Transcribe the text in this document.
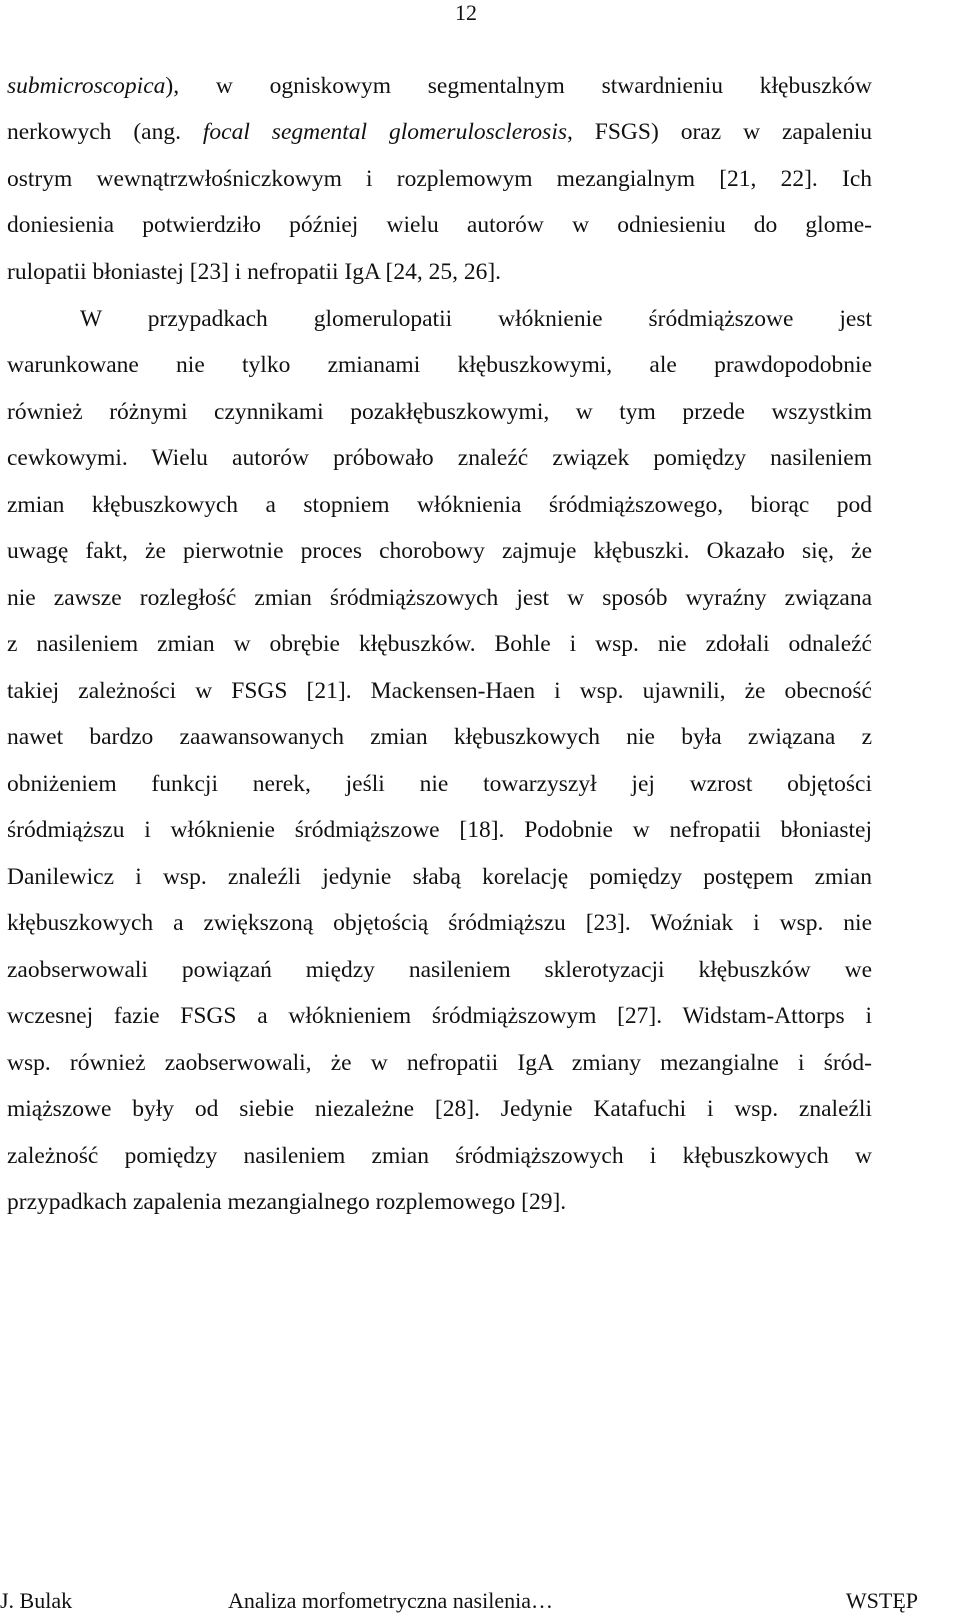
12
submicroscopica), w ogniskowym segmentalnym stwardnieniu kłębuszków
nerkowych (ang. focal segmental glomerulosclerosis, FSGS) oraz w zapaleniu
ostrym wewnątrzwłośniczkowym i rozplemowym mezangialnym [21, 22]. Ich
doniesienia potwierdziło później wielu autorów w odniesieniu do glome-
rulopatii błoniastej [23] i nefropatii IgA [24, 25, 26].
W przypadkach glomerulopatii włóknienie śródmiąższowe jest
warunkowane nie tylko zmianami kłębuszkowymi, ale prawdopodobnie
również różnymi czynnikami pozakłębuszkowymi, w tym przede wszystkim
cewkowymi. Wielu autorów próbowało znaleźć związek pomiędzy nasileniem
zmian kłębuszkowych a stopniem włóknienia śródmiąższowego, biorąc pod
uwagę fakt, że pierwotnie proces chorobowy zajmuje kłębuszki. Okazało się, że
nie zawsze rozległość zmian śródmiąższowych jest w sposób wyraźny związana
z nasileniem zmian w obrębie kłębuszków. Bohle i wsp. nie zdołali odnaleźć
takiej zależności w FSGS [21]. Mackensen-Haen i wsp. ujawnili, że obecność
nawet bardzo zaawansowanych zmian kłębuszkowych nie była związana z
obniżeniem funkcji nerek, jeśli nie towarzyszył jej wzrost objętości
śródmiąższu i włóknienie śródmiąższowe [18]. Podobnie w nefropatii błoniastej
Danilewicz i wsp. znaleźli jedynie słabą korelację pomiędzy postępem zmian
kłębuszkowych a zwiększoną objętością śródmiąższu [23]. Woźniak i wsp. nie
zaobserwowali powiązań między nasileniem sklerotyzacji kłębuszków we
wczesnej fazie FSGS a włóknieniem śródmiąższowym [27]. Widstam-Attorps i
wsp. również zaobserwowali, że w nefropatii IgA zmiany mezangialne i śród-
miąższowe były od siebie niezależne [28]. Jedynie Katafuchi i wsp. znaleźli
zależność pomiędzy nasileniem zmian śródmiąższowych i kłębuszkowych w
przypadkach zapalenia mezangialnego rozplemowego [29].
J. Bulak	Analiza morfometryczna nasilenia…	WSTĘP
